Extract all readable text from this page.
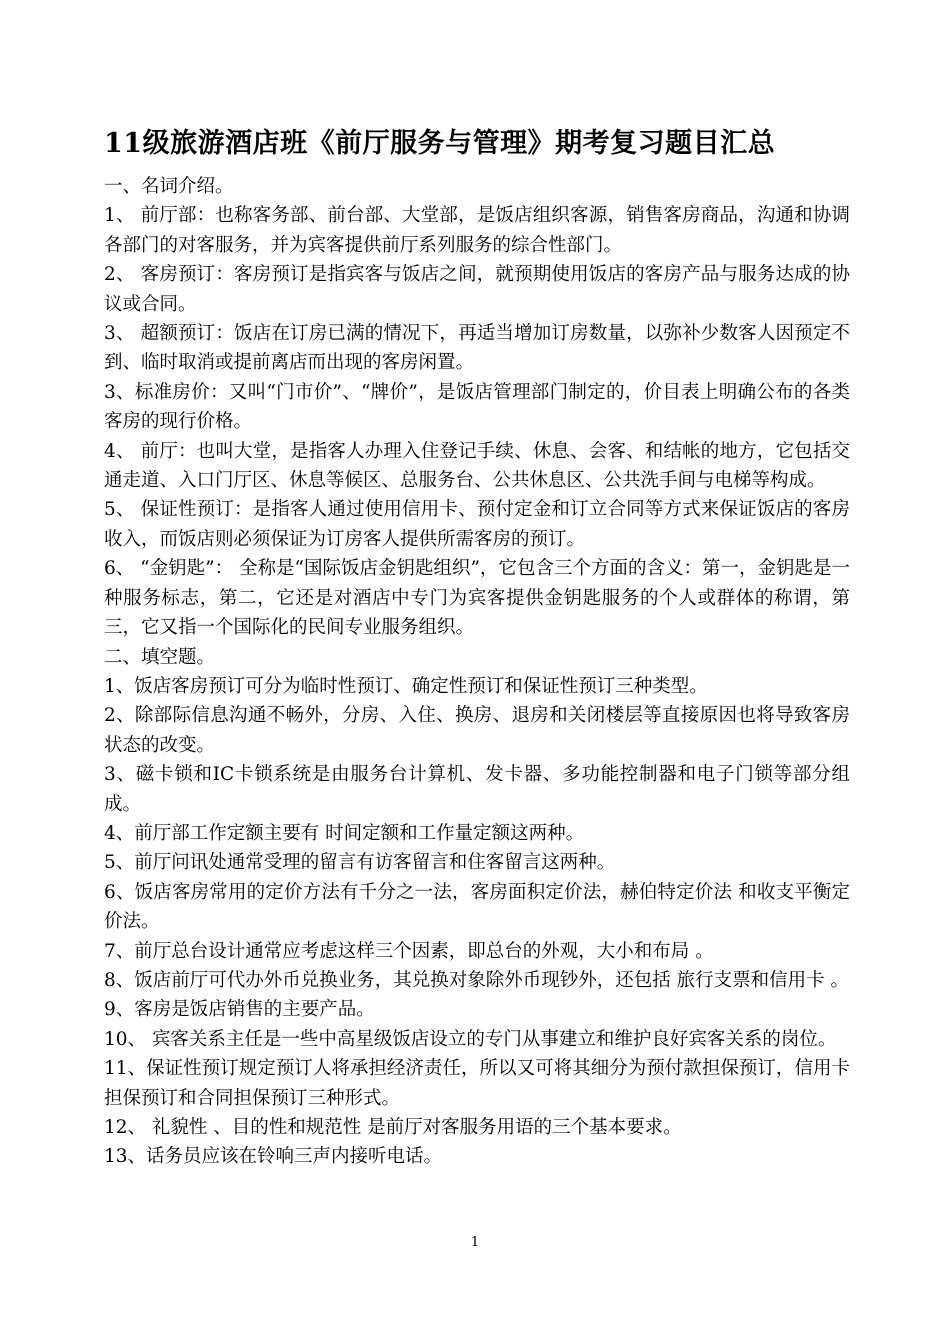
11级旅游酒店班《前厅服务与管理》期考复习题目汇总
一、名词介绍。

1、 前厅部：也称客务部、前台部、大堂部，是饭店组织客源，销售客房商品，沟通和协调各部门的对客服务，并为宾客提供前厅系列服务的综合性部门。

2、 客房预订：客房预订是指宾客与饭店之间，就预期使用饭店的客房产品与服务达成的协议或合同。

3、 超额预订：饭店在订房已满的情况下，再适当增加订房数量，以弥补少数客人因预定不到、临时取消或提前离店而出现的客房闲置。

3、标准房价：又叫“门市价”、“牌价”，是饭店管理部门制定的，价目表上明确公布的各类客房的现行价格。

4、 前厅：也叫大堂，是指客人办理入住登记手续、休息、会客、和结帐的地方，它包括交通走道、入口门厅区、休息等候区、总服务台、公共休息区、公共洗手间与电梯等构成。

5、 保证性预订：是指客人通过使用信用卡、预付定金和订立合同等方式来保证饭店的客房收入，而饭店则必须保证为订房客人提供所需客房的预订。

6、 “金钥匙”： 全称是“国际饭店金钥匙组织”，它包含三个方面的含义：第一，金钥匙是一种服务标志，第二，它还是对酒店中专门为宾客提供金钥匙服务的个人或群体的称谓，第三，它又指一个国际化的民间专业服务组织。

二、填空题。

1、饭店客房预订可分为临时性预订、确定性预订和保证性预订三种类型。

2、除部际信息沟通不畅外，分房、入住、换房、退房和关闭楼层等直接原因也将导致客房状态的改变。

3、磁卡锁和IC卡锁系统是由服务台计算机、发卡器、多功能控制器和电子门锁等部分组成。

4、前厅部工作定额主要有 时间定额和工作量定额这两种。

5、前厅问讯处通常受理的留言有访客留言和住客留言这两种。

6、饭店客房常用的定价方法有千分之一法，客房面积定价法，赫伯特定价法 和收支平衡定价法。

7、前厅总台设计通常应考虑这样三个因素，即总台的外观，大小和布局 。

8、饭店前厅可代办外币兑换业务，其兑换对象除外币现钞外，还包括 旅行支票和信用卡 。

9、客房是饭店销售的主要产品。

10、 宾客关系主任是一些中高星级饭店设立的专门从事建立和维护良好宾客关系的岗位。

11、保证性预订规定预订人将承担经济责任，所以又可将其细分为预付款担保预订，信用卡担保预订和合同担保预订三种形式。

12、 礼貌性 、目的性和规范性 是前厅对客服务用语的三个基本要求。

13、话务员应该在铃响三声内接听电话。

1
